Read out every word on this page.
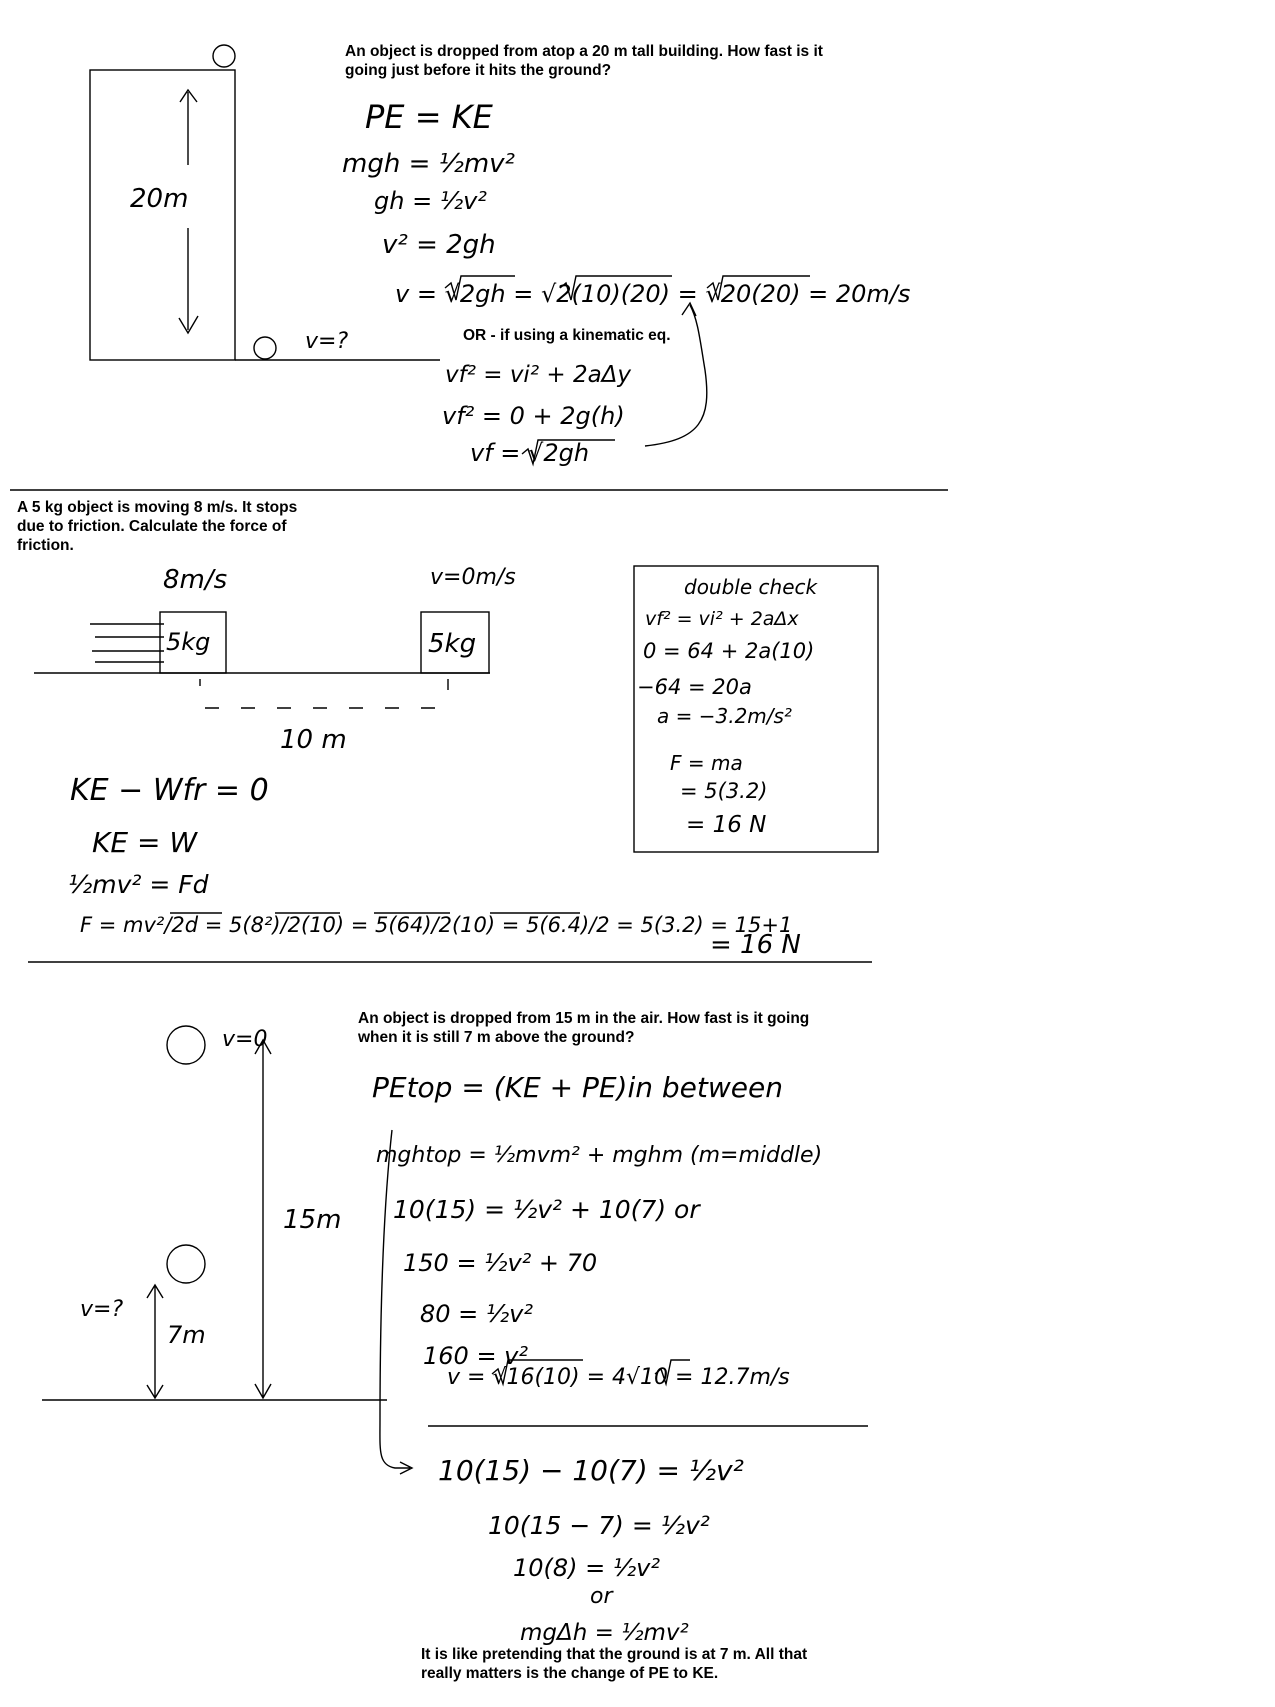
20m
v=?
PE = KE
mgh = ½mv²
gh = ½v²
v² = 2gh
v = √2gh = √2(10)(20) = √20(20) = 20m/s
vf² = vi² + 2aΔy
vf² = 0 + 2g(h)
vf = √2gh
8m/s	v=0m/s
5kg	5kg
10 m
KE − Wfr = 0
KE = W
½mv² = Fd
F = mv²/2d = 5(8²)/2(10) = 5(64)/2(10) = 5(6.4)/2 = 5(3.2) = 15+1
= 16 N
double check
vf² = vi² + 2aΔx
0 = 64 + 2a(10)
−64 = 20a
a = −3.2m/s²
F = ma
= 5(3.2)
= 16 N
v=0
v=?
15m
7m
PEtop = (KE + PE)in between
mghtop = ½mvm² + mghm (m=middle)
10(15) = ½v² + 10(7) or
150 = ½v² + 70
80 = ½v²
160 = v²
v = √16(10) = 4√10 = 12.7m/s
10(15) − 10(7) = ½v²
10(15 − 7) = ½v²
10(8) = ½v²
or
mgΔh = ½mv²

An object is dropped from atop a 20 m tall building. How fast is it
going just before it hits the ground?

OR - if using a kinematic eq.

A 5 kg object is moving 8 m/s. It stops
due to friction. Calculate the force of
friction.

An object is dropped from 15 m in the air. How fast is it going
when it is still 7 m above the ground?

It is like pretending that the ground is at 7 m. All that
really matters is the change of PE to KE.
